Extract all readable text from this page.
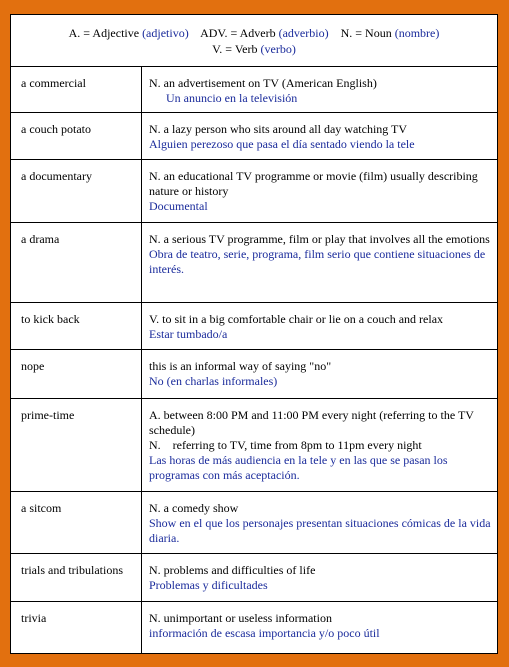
A. = Adjective (adjetivo) ADV. = Adverb (adverbio) N. = Noun (nombre)
V. = Verb (verbo)
a commercial	N. an advertisement on TV (American English)
Un anuncio en la televisión
a couch potato	N. a lazy person who sits around all day watching TV
Alguien perezoso que pasa el día sentado viendo la tele
a documentary	N. an educational TV programme or movie (film) usually describing nature or history
Documental
a drama	N. a serious TV programme, film or play that involves all the emotions
Obra de teatro, serie, programa, film serio que contiene situaciones de interés.
to kick back	V. to sit in a big comfortable chair or lie on a couch and relax
Estar tumbado/a
nope	this is an informal way of saying "no"
No (en charlas informales)
prime-time	A. between 8:00 PM and 11:00 PM every night (referring to the TV schedule)
N.    referring to TV, time from 8pm to 11pm every night
Las horas de más audiencia en la tele y en las que se pasan los programas con más aceptación.
a sitcom	N. a comedy show
Show en el que los personajes presentan situaciones cómicas de la vida diaria.
trials and tribulations	N. problems and difficulties of life
Problemas y dificultades
trivia	N. unimportant or useless information
información de escasa importancia y/o poco útil
